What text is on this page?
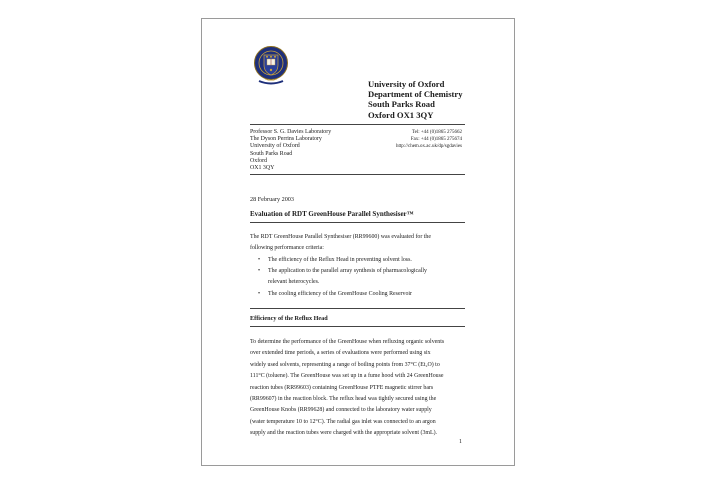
University of Oxford
Department of Chemistry
South Parks Road
Oxford OX1 3QY
Professor S. G. Davies Laboratory
The Dyson Perrins Laboratory
University of Oxford
South Parks Road
Oxford
OX1 3QY
Tel: +44 (0)1865 275662
Fax: +44 (0)1865 275674
http://chem.ox.ac.uk/dp/sgdavies
28 February 2003
Evaluation of RDT GreenHouse Parallel Synthesiser™
The RDT GreenHouse Parallel Synthesiser (RR99600) was evaluated for the
following performance criteria:
• The efficiency of the Reflux Head in preventing solvent loss.
• The application to the parallel array synthesis of pharmacologically
relevant heterocycles.
• The cooling efficiency of the GreenHouse Cooling Reservoir
Efficiency of the Reflux Head
To determine the performance of the GreenHouse when refluxing organic solvents
over extended time periods, a series of evaluations were performed using six
widely used solvents, representing a range of boiling points from 37°C (Et₂O) to
111°C (toluene). The GreenHouse was set up in a fume hood with 24 GreenHouse
reaction tubes (RR99603) containing GreenHouse PTFE magnetic stirrer bars
(RR99607) in the reaction block. The reflux head was tightly secured using the
GreenHouse Knobs (RR99628) and connected to the laboratory water supply
(water temperature 10 to 12°C). The radial gas inlet was connected to an argon
supply and the reaction tubes were charged with the appropriate solvent (3mL).
1
